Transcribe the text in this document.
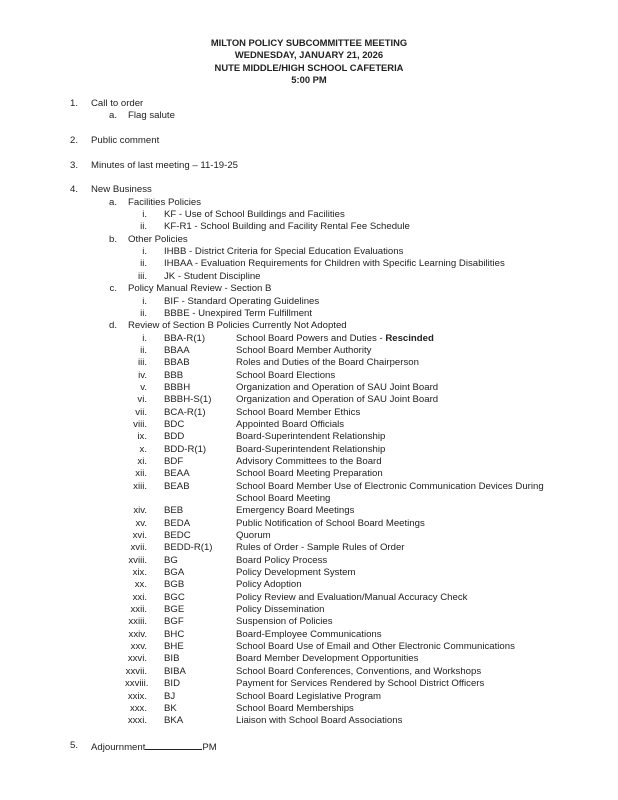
MILTON POLICY SUBCOMMITTEE MEETING
WEDNESDAY, JANUARY 21, 2026
NUTE MIDDLE/HIGH SCHOOL CAFETERIA
5:00 PM
1. Call to order
a. Flag salute
2. Public comment
3. Minutes of last meeting – 11-19-25
4. New Business
a. Facilities Policies
i. KF - Use of School Buildings and Facilities
ii. KF-R1 - School Building and Facility Rental Fee Schedule
b. Other Policies
i. IHBB - District Criteria for Special Education Evaluations
ii. IHBAA - Evaluation Requirements for Children with Specific Learning Disabilities
iii. JK - Student Discipline
c. Policy Manual Review - Section B
i. BIF - Standard Operating Guidelines
ii. BBBE - Unexpired Term Fulfillment
d. Review of Section B Policies Currently Not Adopted
i. BBA-R(1)	School Board Powers and Duties - Rescinded
ii. BBAA	School Board Member Authority
iii. BBAB	Roles and Duties of the Board Chairperson
iv. BBB	School Board Elections
v. BBBH	Organization and Operation of SAU Joint Board
vi. BBBH-S(1)	Organization and Operation of SAU Joint Board
vii. BCA-R(1)	School Board Member Ethics
viii. BDC	Appointed Board Officials
ix. BDD	Board-Superintendent Relationship
x. BDD-R(1)	Board-Superintendent Relationship
xi. BDF	Advisory Committees to the Board
xii. BEAA	School Board Meeting Preparation
xiii. BEAB	School Board Member Use of Electronic Communication Devices During
School Board Meeting
xiv. BEB	Emergency Board Meetings
xv. BEDA	Public Notification of School Board Meetings
xvi. BEDC	Quorum
xvii. BEDD-R(1) Rules of Order - Sample Rules of Order
xviii. BG	Board Policy Process
xix. BGA	Policy Development System
xx. BGB	Policy Adoption
xxi. BGC	Policy Review and Evaluation/Manual Accuracy Check
xxii. BGE	Policy Dissemination
xxiii. BGF	Suspension of Policies
xxiv. BHC	Board-Employee Communications
xxv. BHE	School Board Use of Email and Other Electronic Communications
xxvi. BIB	Board Member Development Opportunities
xxvii. BIBA	School Board Conferences, Conventions, and Workshops
xxviii. BID	Payment for Services Rendered by School District Officers
xxix. BJ	School Board Legislative Program
xxx. BK	School Board Memberships
xxxi. BKA	Liaison with School Board Associations
5. Adjournment	PM
